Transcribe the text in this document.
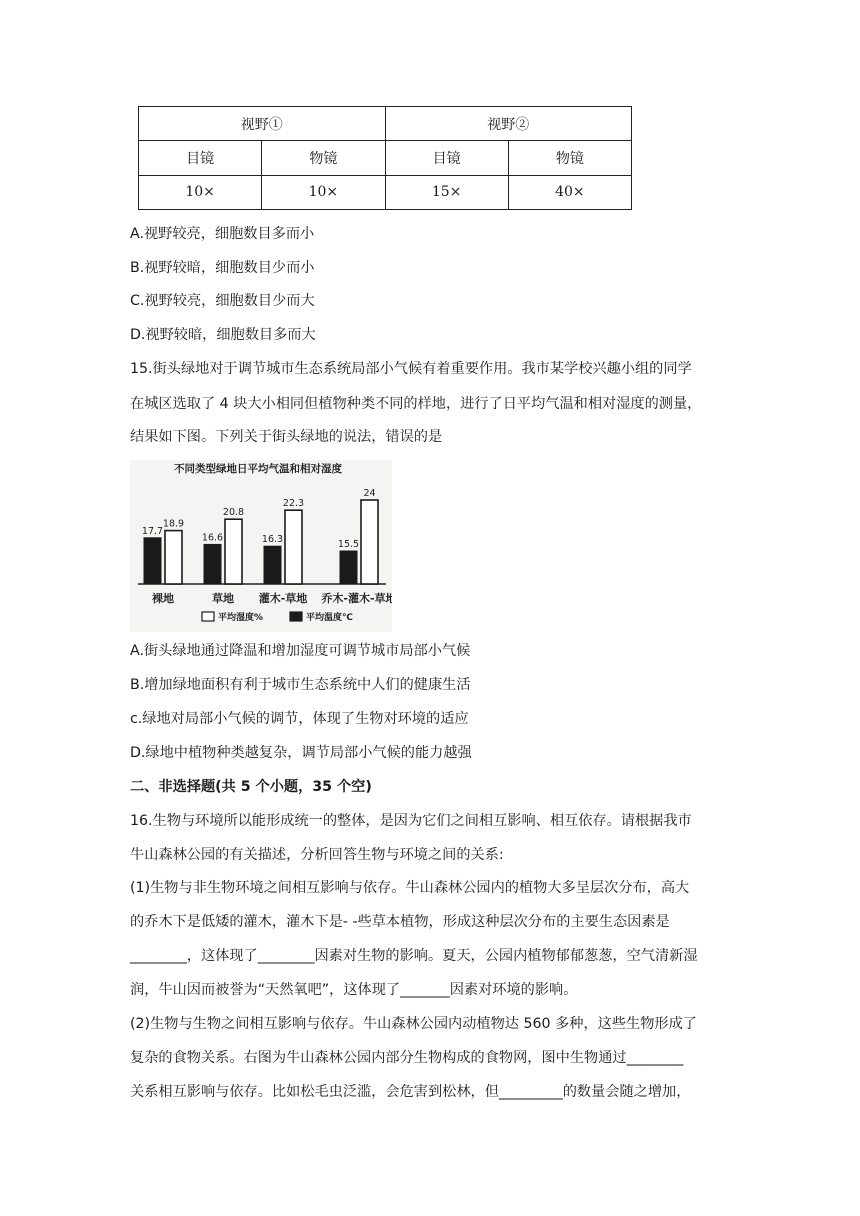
视野①		视野②	
目镜	物镜	目镜	物镜
10×	10×	15×	40×
A.视野较亮，细胞数目多而小
B.视野较暗，细胞数目少而小
C.视野较亮，细胞数目少而大
D.视野较暗，细胞数目多而大
15.街头绿地对于调节城市生态系统局部小气候有着重要作用。我市某学校兴趣小组的同学
在城区选取了 4 块大小相同但植物种类不同的样地，进行了日平均气温和相对湿度的测量，
结果如下图。下列关于街头绿地的说法，错误的是
不同类型绿地日平均气温和相对湿度
17.7
18.9
16.6
20.8
16.3
22.3
15.5
24
裸地	草地 灌木-草地 乔木-灌木-草地
平均湿度%	平均温度℃
A.街头绿地通过降温和增加湿度可调节城市局部小气候
B.增加绿地面积有利于城市生态系统中人们的健康生活
c.绿地对局部小气候的调节，体现了生物对环境的适应
D.绿地中植物种类越复杂，调节局部小气候的能力越强
二、非选择题(共 5 个小题，35 个空)
16.生物与环境所以能形成统一的整体，是因为它们之间相互影响、相互依存。请根据我市
牛山森林公园的有关描述，分析回答生物与环境之间的关系:
(1)生物与非生物环境之间相互影响与依存。牛山森林公园内的植物大多呈层次分布，高大
的乔木下是低矮的灌木，灌木下是- -些草本植物，形成这种层次分布的主要生态因素是
________，这体现了________因素对生物的影响。夏天，公园内植物郁郁葱葱，空气清新湿
润，牛山因而被誉为“天然氧吧”，这体现了_______因素对环境的影响。
(2)生物与生物之间相互影响与依存。牛山森林公园内动植物达 560 多种，这些生物形成了
复杂的食物关系。右图为牛山森林公园内部分生物构成的食物网，图中生物通过________
关系相互影响与依存。比如松毛虫泛滥，会危害到松林，但_________的数量会随之增加，
